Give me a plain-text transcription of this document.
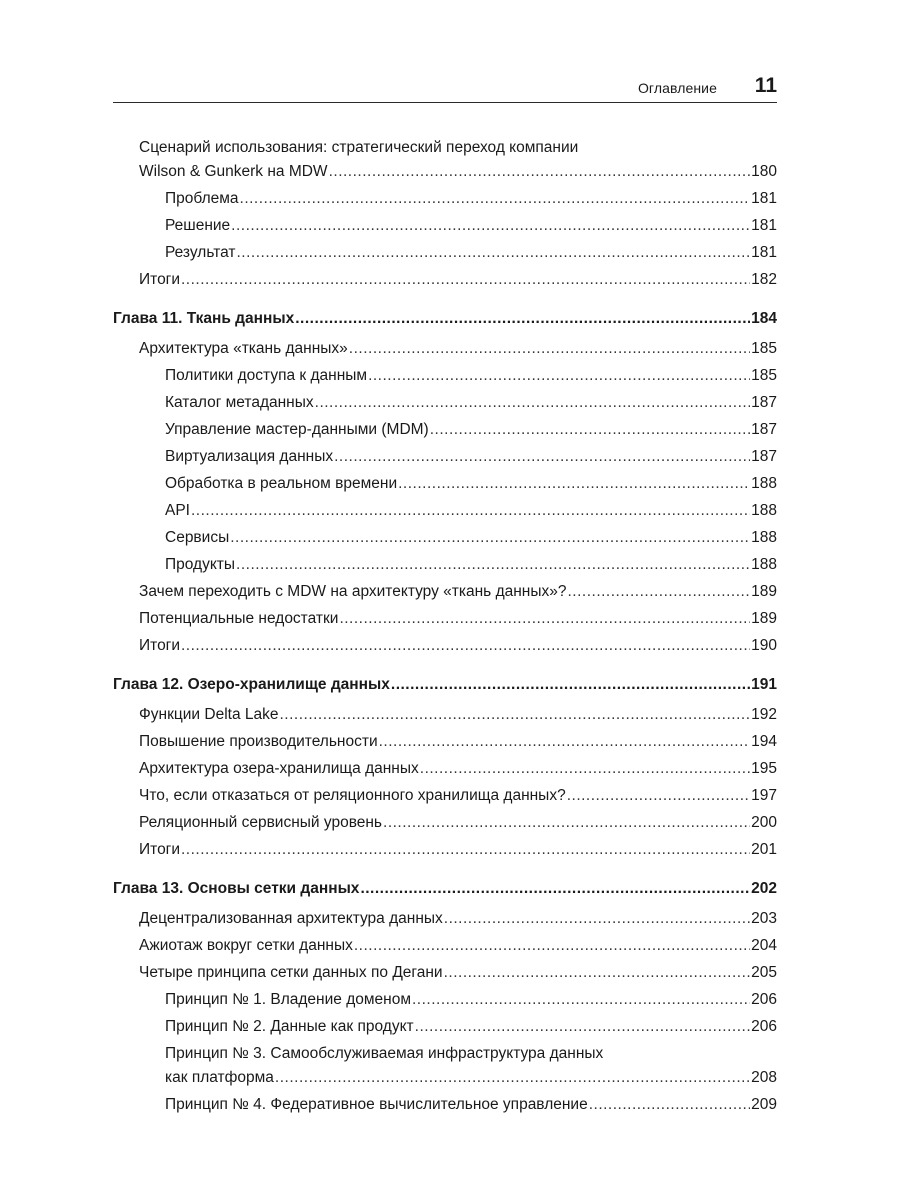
Оглавление 11
Сценарий использования: стратегический переход компании
Wilson & Gunkerk на MDW .....	180
Проблема .....	181
Решение .....	181
Результат .....	181
Итоги .....	182
Глава 11. Ткань данных .....	184
Архитектура «ткань данных» .....	185
Политики доступа к данным .....	185
Каталог метаданных .....	187
Управление мастер-данными (MDM) .....	187
Виртуализация данных .....	187
Обработка в реальном времени .....	188
API .....	188
Сервисы .....	188
Продукты .....	188
Зачем переходить с MDW на архитектуру «ткань данных»? .....	189
Потенциальные недостатки .....	189
Итоги .....	190
Глава 12. Озеро-хранилище данных .....	191
Функции Delta Lake .....	192
Повышение производительности .....	194
Архитектура озера-хранилища данных .....	195
Что, если отказаться от реляционного хранилища данных? .....	197
Реляционный сервисный уровень .....	200
Итоги .....	201
Глава 13. Основы сетки данных .....	202
Децентрализованная архитектура данных .....	203
Ажиотаж вокруг сетки данных .....	204
Четыре принципа сетки данных по Дегани .....	205
Принцип № 1. Владение доменом .....	206
Принцип № 2. Данные как продукт .....	206
Принцип № 3. Самообслуживаемая инфраструктура данных
как платформа .....	208
Принцип № 4. Федеративное вычислительное управление .....	209
